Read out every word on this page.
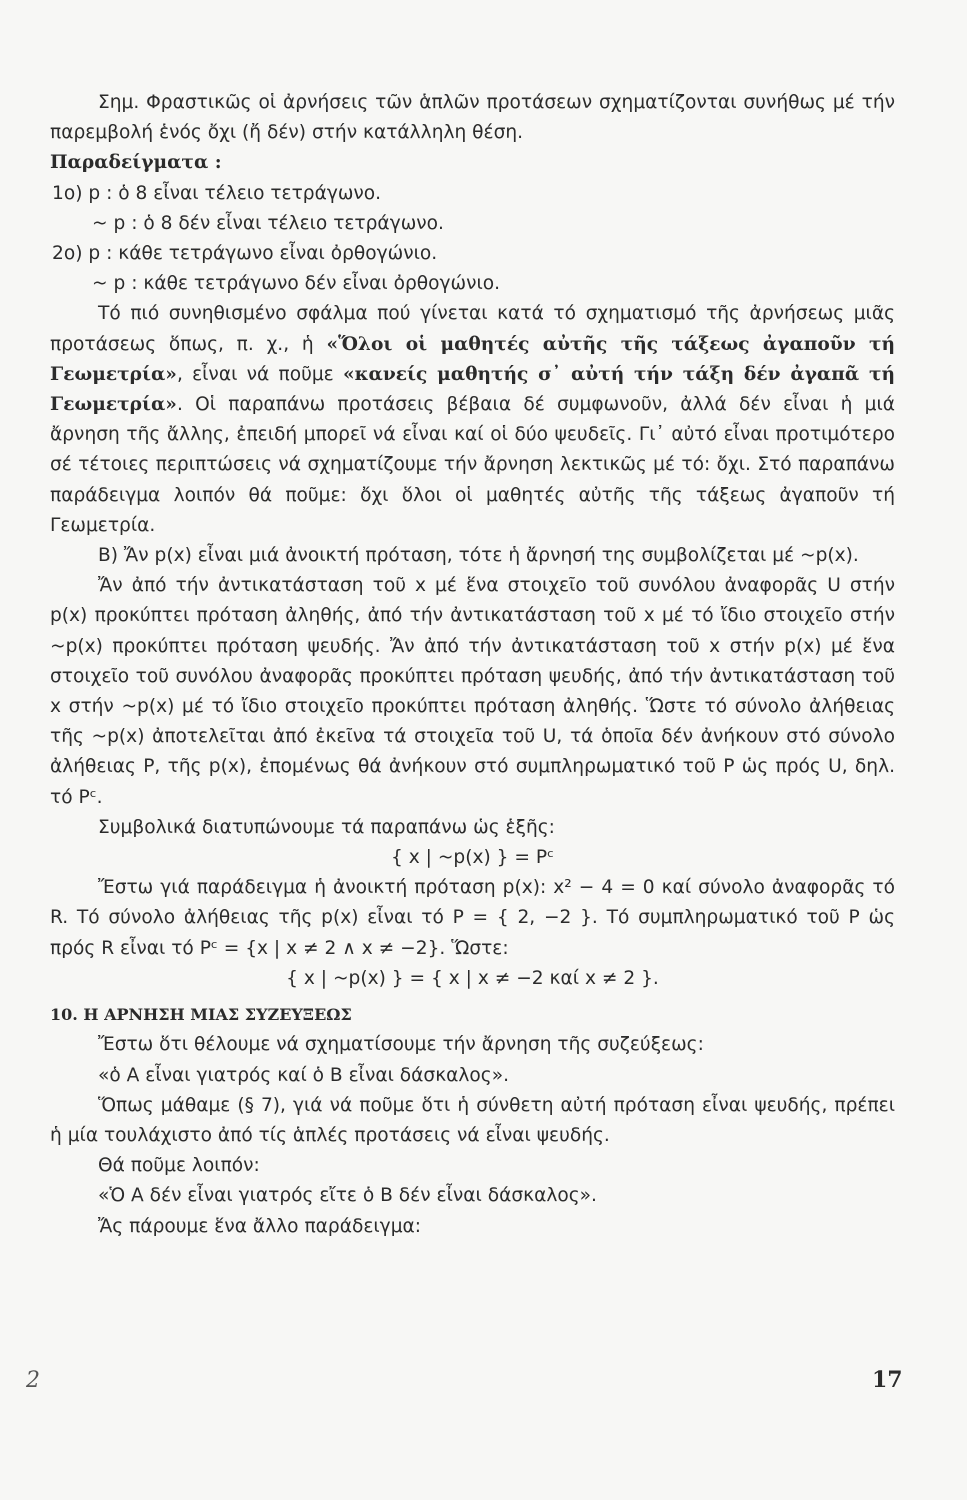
Σημ. Φραστικῶς οἱ ἀρνήσεις τῶν ἁπλῶν προτάσεων σχηματίζονται συνήθως μέ τήν παρεμβολή ἑνός ὄχι (ἤ δέν) στήν κατάλληλη θέση.

Παραδείγματα :

1ο) p : ὁ 8 εἶναι τέλειο τετράγωνο.

~ p : ὁ 8 δέν εἶναι τέλειο τετράγωνο.

2ο) p : κάθε τετράγωνο εἶναι ὀρθογώνιο.

~ p : κάθε τετράγωνο δέν εἶναι ὀρθογώνιο.

Τό πιό συνηθισμένο σφάλμα πού γίνεται κατά τό σχηματισμό τῆς ἀρνήσεως μιᾶς προτάσεως ὅπως, π. χ., ἡ «Ὅλοι οἱ μαθητές αὐτῆς τῆς τάξεως ἀγαποῦν τή Γεωμετρία», εἶναι νά ποῦμε «κανείς μαθητής σ᾽ αὐτή τήν τάξη δέν ἀγαπᾶ τή Γεωμετρία». Οἱ παραπάνω προτάσεις βέβαια δέ συμφωνοῦν, ἀλλά δέν εἶναι ἡ μιά ἄρνηση τῆς ἄλλης, ἐπειδή μπορεῖ νά εἶναι καί οἱ δύο ψευδεῖς. Γι᾽ αὐτό εἶναι προτιμότερο σέ τέτοιες περιπτώσεις νά σχηματίζουμε τήν ἄρνηση λεκτικῶς μέ τό: ὄχι. Στό παραπάνω παράδειγμα λοιπόν θά ποῦμε: ὄχι ὅλοι οἱ μαθητές αὐτῆς τῆς τάξεως ἀγαποῦν τή Γεωμετρία.

B) Ἄν p(x) εἶναι μιά ἀνοικτή πρόταση, τότε ἡ ἄρνησή της συμβολίζεται μέ ~p(x).

Ἄν ἀπό τήν ἀντικατάσταση τοῦ x μέ ἕνα στοιχεῖο τοῦ συνόλου ἀναφορᾶς U στήν p(x) προκύπτει πρόταση ἀληθής, ἀπό τήν ἀντικατάσταση τοῦ x μέ τό ἴδιο στοιχεῖο στήν ~p(x) προκύπτει πρόταση ψευδής. Ἄν ἀπό τήν ἀντικατάσταση τοῦ x στήν p(x) μέ ἕνα στοιχεῖο τοῦ συνόλου ἀναφορᾶς προκύπτει πρόταση ψευδής, ἀπό τήν ἀντικατάσταση τοῦ x στήν ~p(x) μέ τό ἴδιο στοιχεῖο προκύπτει πρόταση ἀληθής. Ὥστε τό σύνολο ἀλήθειας τῆς ~p(x) ἀποτελεῖται ἀπό ἐκεῖνα τά στοιχεῖα τοῦ U, τά ὁποῖα δέν ἀνήκουν στό σύνολο ἀλήθειας P, τῆς p(x), ἐπομένως θά ἀνήκουν στό συμπληρωματικό τοῦ P ὡς πρός U, δηλ. τό Pᶜ.

Συμβολικά διατυπώνουμε τά παραπάνω ὡς ἑξῆς:

{ x | ~p(x) } = Pᶜ

Ἔστω γιά παράδειγμα ἡ ἀνοικτή πρόταση p(x): x² − 4 = 0 καί σύνολο ἀναφορᾶς τό R. Τό σύνολο ἀλήθειας τῆς p(x) εἶναι τό P = { 2, −2 }. Τό συμπληρωματικό τοῦ P ὡς πρός R εἶναι τό Pᶜ = {x | x ≠ 2 ∧ x ≠ −2}. Ὥστε:

{ x | ~p(x) } = { x | x ≠ −2 καί x ≠ 2 }.

10. Η ΑΡΝΗΣΗ ΜΙΑΣ ΣΥΖΕΥΞΕΩΣ

Ἔστω ὅτι θέλουμε νά σχηματίσουμε τήν ἄρνηση τῆς συζεύξεως:

«ὁ Α εἶναι γιατρός καί ὁ Β εἶναι δάσκαλος».

Ὅπως μάθαμε (§ 7), γιά νά ποῦμε ὅτι ἡ σύνθετη αὐτή πρόταση εἶναι ψευδής, πρέπει ἡ μία τουλάχιστο ἀπό τίς ἁπλές προτάσεις νά εἶναι ψευδής.

Θά ποῦμε λοιπόν:

«Ὁ Α δέν εἶναι γιατρός εἴτε ὁ Β δέν εἶναι δάσκαλος».

Ἄς πάρουμε ἕνα ἄλλο παράδειγμα:

2	17
